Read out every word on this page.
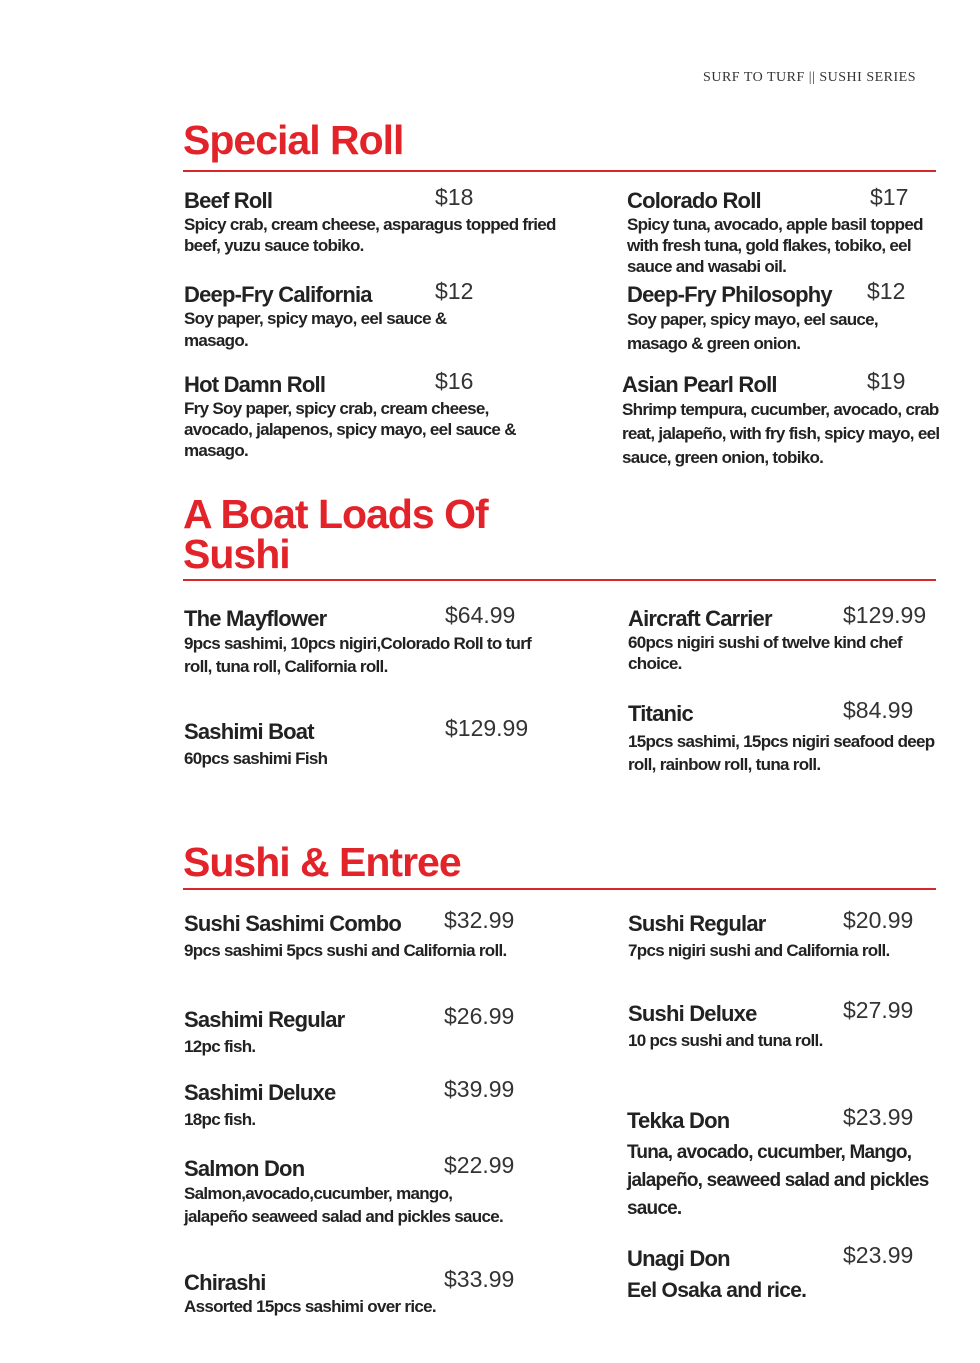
SURF TO TURF || SUSHI SERIES
Special Roll
Beef Roll	$18
Spicy crab, cream cheese, asparagus topped fried beef, yuzu sauce tobiko.
Colorado Roll	$17
Spicy tuna, avocado, apple basil topped with fresh tuna, gold flakes, tobiko, eel sauce and wasabi oil.
Deep-Fry California	$12
Soy paper, spicy mayo, eel sauce & masago.
Deep-Fry Philosophy	$12
Soy paper, spicy mayo, eel sauce, masago & green onion.
Hot Damn Roll	$16
Fry Soy paper, spicy crab, cream cheese, avocado, jalapenos, spicy mayo, eel sauce & masago.
Asian Pearl Roll	$19
Shrimp tempura, cucumber, avocado, crab reat, jalapeño, with fry fish, spicy mayo, eel sauce, green onion, tobiko.
A Boat Loads Of Sushi
The Mayflower	$64.99
9pcs sashimi, 10pcs nigiri,Colorado Roll to turf roll, tuna roll, California roll.
Aircraft Carrier	$129.99
60pcs nigiri sushi of twelve kind chef choice.
Sashimi Boat	$129.99
60pcs sashimi Fish
Titanic	$84.99
15pcs sashimi, 15pcs nigiri seafood deep roll, rainbow roll, tuna roll.
Sushi & Entree
Sushi Sashimi Combo	$32.99
9pcs sashimi 5pcs sushi and California roll.
Sushi Regular	$20.99
7pcs nigiri sushi and California roll.
Sashimi Regular	$26.99
12pc fish.
Sushi Deluxe	$27.99
10 pcs sushi and tuna roll.
Sashimi Deluxe	$39.99
18pc fish.	Tekka Don	$23.99
Tuna, avocado, cucumber, Mango, jalapeño, seaweed salad and pickles sauce.
Salmon Don	$22.99
Salmon,avocado,cucumber, mango, jalapeño seaweed salad and pickles sauce.
Unagi Don	$23.99
Eel Osaka and rice.
Chirashi	$33.99
Assorted 15pcs sashimi over rice.
